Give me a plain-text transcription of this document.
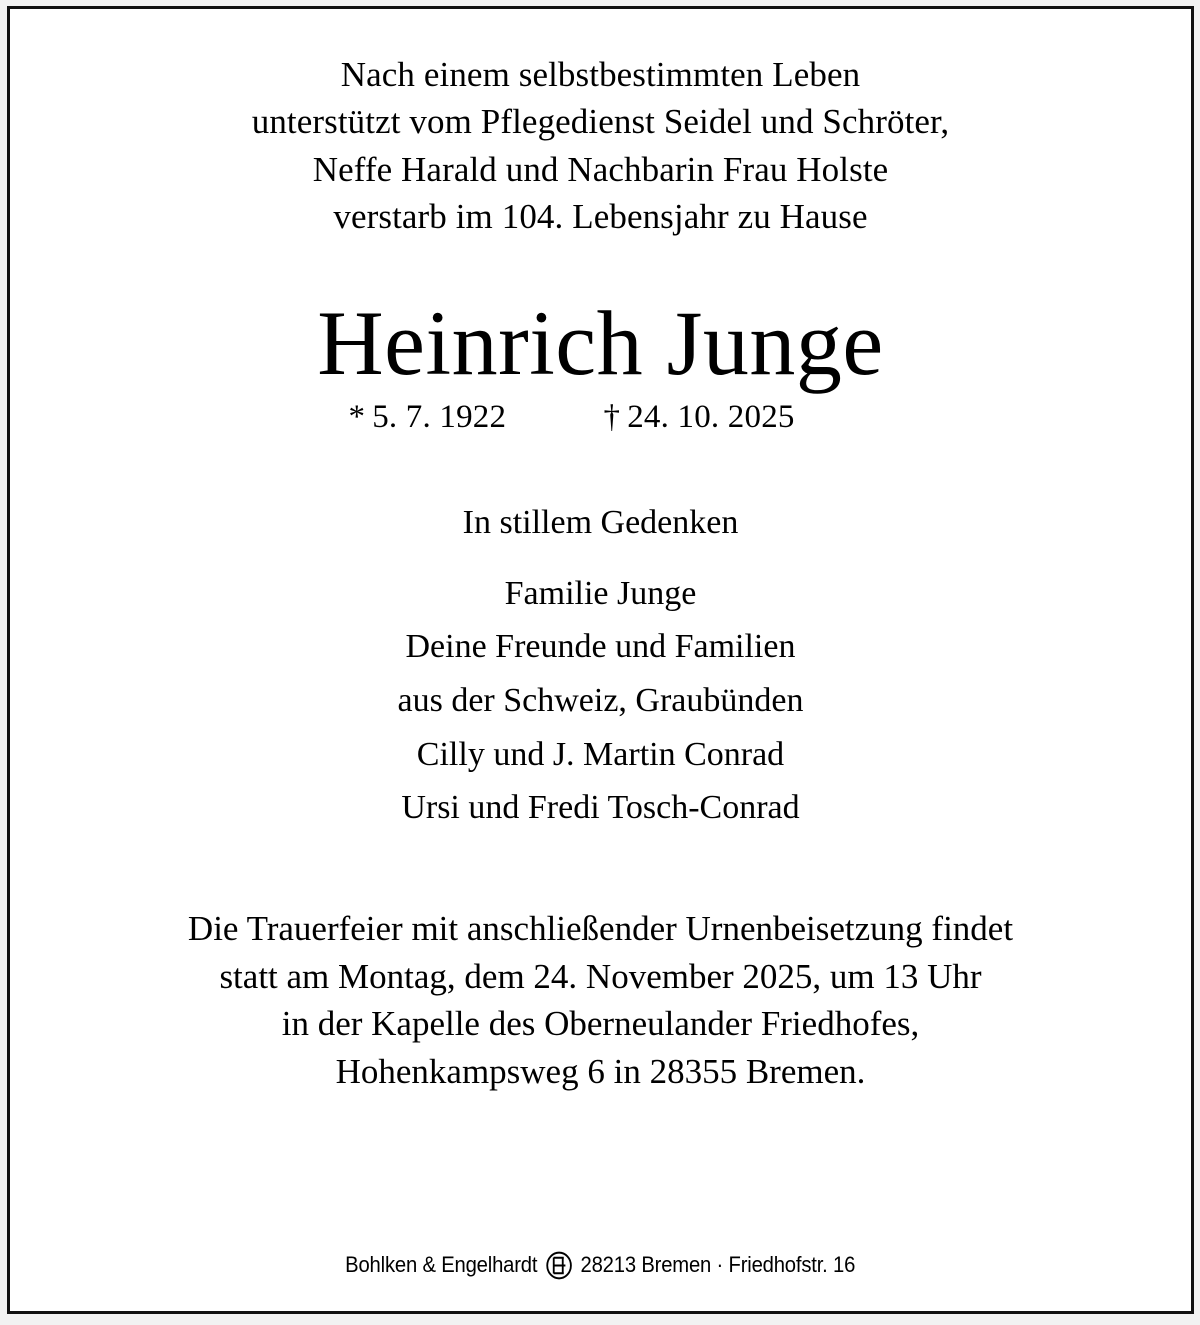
Nach einem selbstbestimmten Leben
unterstützt vom Pflegedienst Seidel und Schröter,
Neffe Harald und Nachbarin Frau Holste
verstarb im 104. Lebensjahr zu Hause
Heinrich Junge
* 5. 7. 1922	† 24. 10. 2025
In stillem Gedenken
Familie Junge
Deine Freunde und Familien
aus der Schweiz, Graubünden
Cilly und J. Martin Conrad
Ursi und Fredi Tosch-Conrad
Die Trauerfeier mit anschließender Urnenbeisetzung findet
statt am Montag, dem 24. November 2025, um 13 Uhr
in der Kapelle des Oberneulander Friedhofes,
Hohenkampsweg 6 in 28355 Bremen.
Bohlken & Engelhardt 28213 Bremen · Friedhofstr. 16
